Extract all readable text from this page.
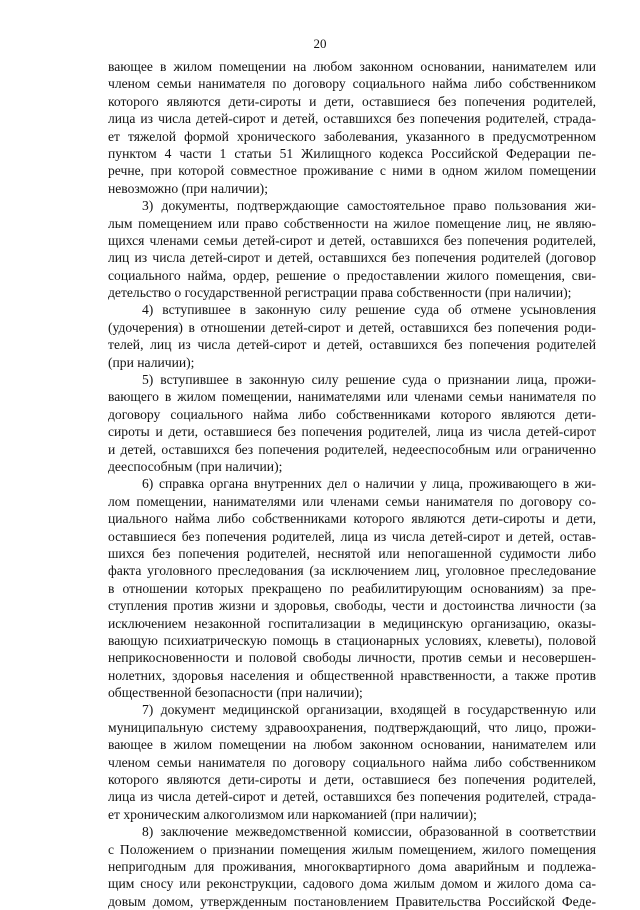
20
вающее в жилом помещении на любом законном основании, нанимателем или
членом семьи нанимателя по договору социального найма либо собственником
которого являются дети-сироты и дети, оставшиеся без попечения родителей,
лица из числа детей-сирот и детей, оставшихся без попечения родителей, страда-
ет тяжелой формой хронического заболевания, указанного в предусмотренном
пунктом 4 части 1 статьи 51 Жилищного кодекса Российской Федерации пе-
речне, при которой совместное проживание с ними в одном жилом помещении
невозможно (при наличии);
3) документы, подтверждающие самостоятельное право пользования жи-
лым помещением или право собственности на жилое помещение лиц, не являю-
щихся членами семьи детей-сирот и детей, оставшихся без попечения родителей,
лиц из числа детей-сирот и детей, оставшихся без попечения родителей (договор
социального найма, ордер, решение о предоставлении жилого помещения, сви-
детельство о государственной регистрации права собственности (при наличии);
4) вступившее в законную силу решение суда об отмене усыновления
(удочерения) в отношении детей-сирот и детей, оставшихся без попечения роди-
телей, лиц из числа детей-сирот и детей, оставшихся без попечения родителей
(при наличии);
5) вступившее в законную силу решение суда о признании лица, прожи-
вающего в жилом помещении, нанимателями или членами семьи нанимателя по
договору социального найма либо собственниками которого являются дети-
сироты и дети, оставшиеся без попечения родителей, лица из числа детей-сирот
и детей, оставшихся без попечения родителей, недееспособным или ограниченно
дееспособным (при наличии);
6) справка органа внутренних дел о наличии у лица, проживающего в жи-
лом помещении, нанимателями или членами семьи нанимателя по договору со-
циального найма либо собственниками которого являются дети-сироты и дети,
оставшиеся без попечения родителей, лица из числа детей-сирот и детей, остав-
шихся без попечения родителей, неснятой или непогашенной судимости либо
факта уголовного преследования (за исключением лиц, уголовное преследование
в отношении которых прекращено по реабилитирующим основаниям) за пре-
ступления против жизни и здоровья, свободы, чести и достоинства личности (за
исключением незаконной госпитализации в медицинскую организацию, оказы-
вающую психиатрическую помощь в стационарных условиях, клеветы), половой
неприкосновенности и половой свободы личности, против семьи и несовершен-
нолетних, здоровья населения и общественной нравственности, а также против
общественной безопасности (при наличии);
7) документ медицинской организации, входящей в государственную или
муниципальную систему здравоохранения, подтверждающий, что лицо, прожи-
вающее в жилом помещении на любом законном основании, нанимателем или
членом семьи нанимателя по договору социального найма либо собственником
которого являются дети-сироты и дети, оставшиеся без попечения родителей,
лица из числа детей-сирот и детей, оставшихся без попечения родителей, страда-
ет хроническим алкоголизмом или наркоманией (при наличии);
8) заключение межведомственной комиссии, образованной в соответствии
с Положением о признании помещения жилым помещением, жилого помещения
непригодным для проживания, многоквартирного дома аварийным и подлежа-
щим сносу или реконструкции, садового дома жилым домом и жилого дома са-
довым домом, утвержденным постановлением Правительства Российской Феде-
